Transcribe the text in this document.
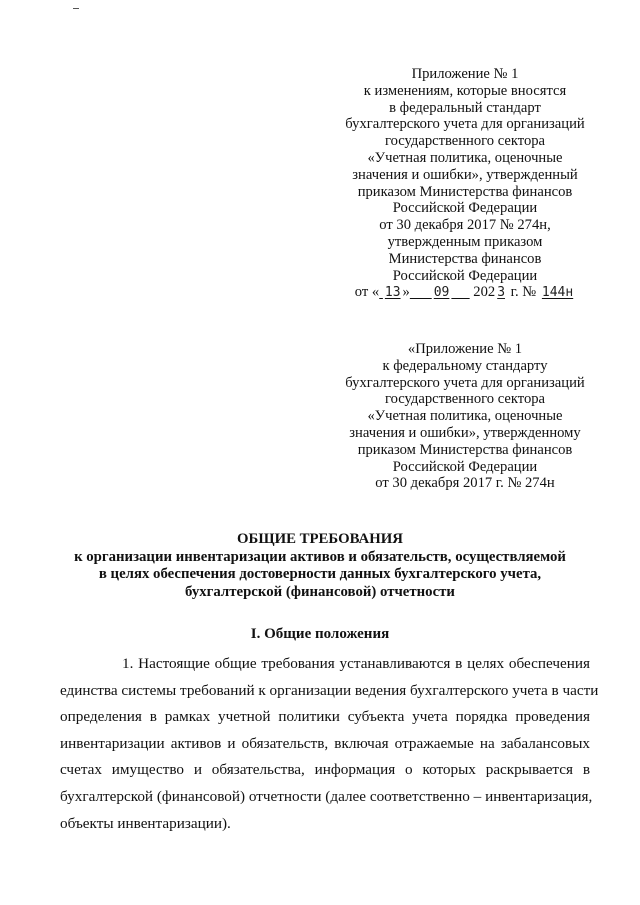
Приложение № 1
к изменениям, которые вносятся
в федеральный стандарт
бухгалтерского учета для организаций
государственного сектора
«Учетная политика, оценочные
значения и ошибки», утвержденный
приказом Министерства финансов
Российской Федерации
от 30 декабря 2017 № 274н,
утвержденным приказом
Министерства финансов
Российской Федерации
от « 13 » 09 202 3 г. № 144н
«Приложение № 1
к федеральному стандарту
бухгалтерского учета для организаций
государственного сектора
«Учетная политика, оценочные
значения и ошибки», утвержденному
приказом Министерства финансов
Российской Федерации
от 30 декабря 2017 г. № 274н
ОБЩИЕ ТРЕБОВАНИЯ
к организации инвентаризации активов и обязательств, осуществляемой
в целях обеспечения достоверности данных бухгалтерского учета,
бухгалтерской (финансовой) отчетности
I. Общие положения
1. Настоящие общие требования устанавливаются в целях обеспечения
единства системы требований к организации ведения бухгалтерского учета в части
определения в рамках учетной политики субъекта учета порядка проведения
инвентаризации активов и обязательств, включая отражаемые на забалансовых
счетах имущество и обязательства, информация о которых раскрывается в
бухгалтерской (финансовой) отчетности (далее соответственно – инвентаризация,
объекты инвентаризации).
